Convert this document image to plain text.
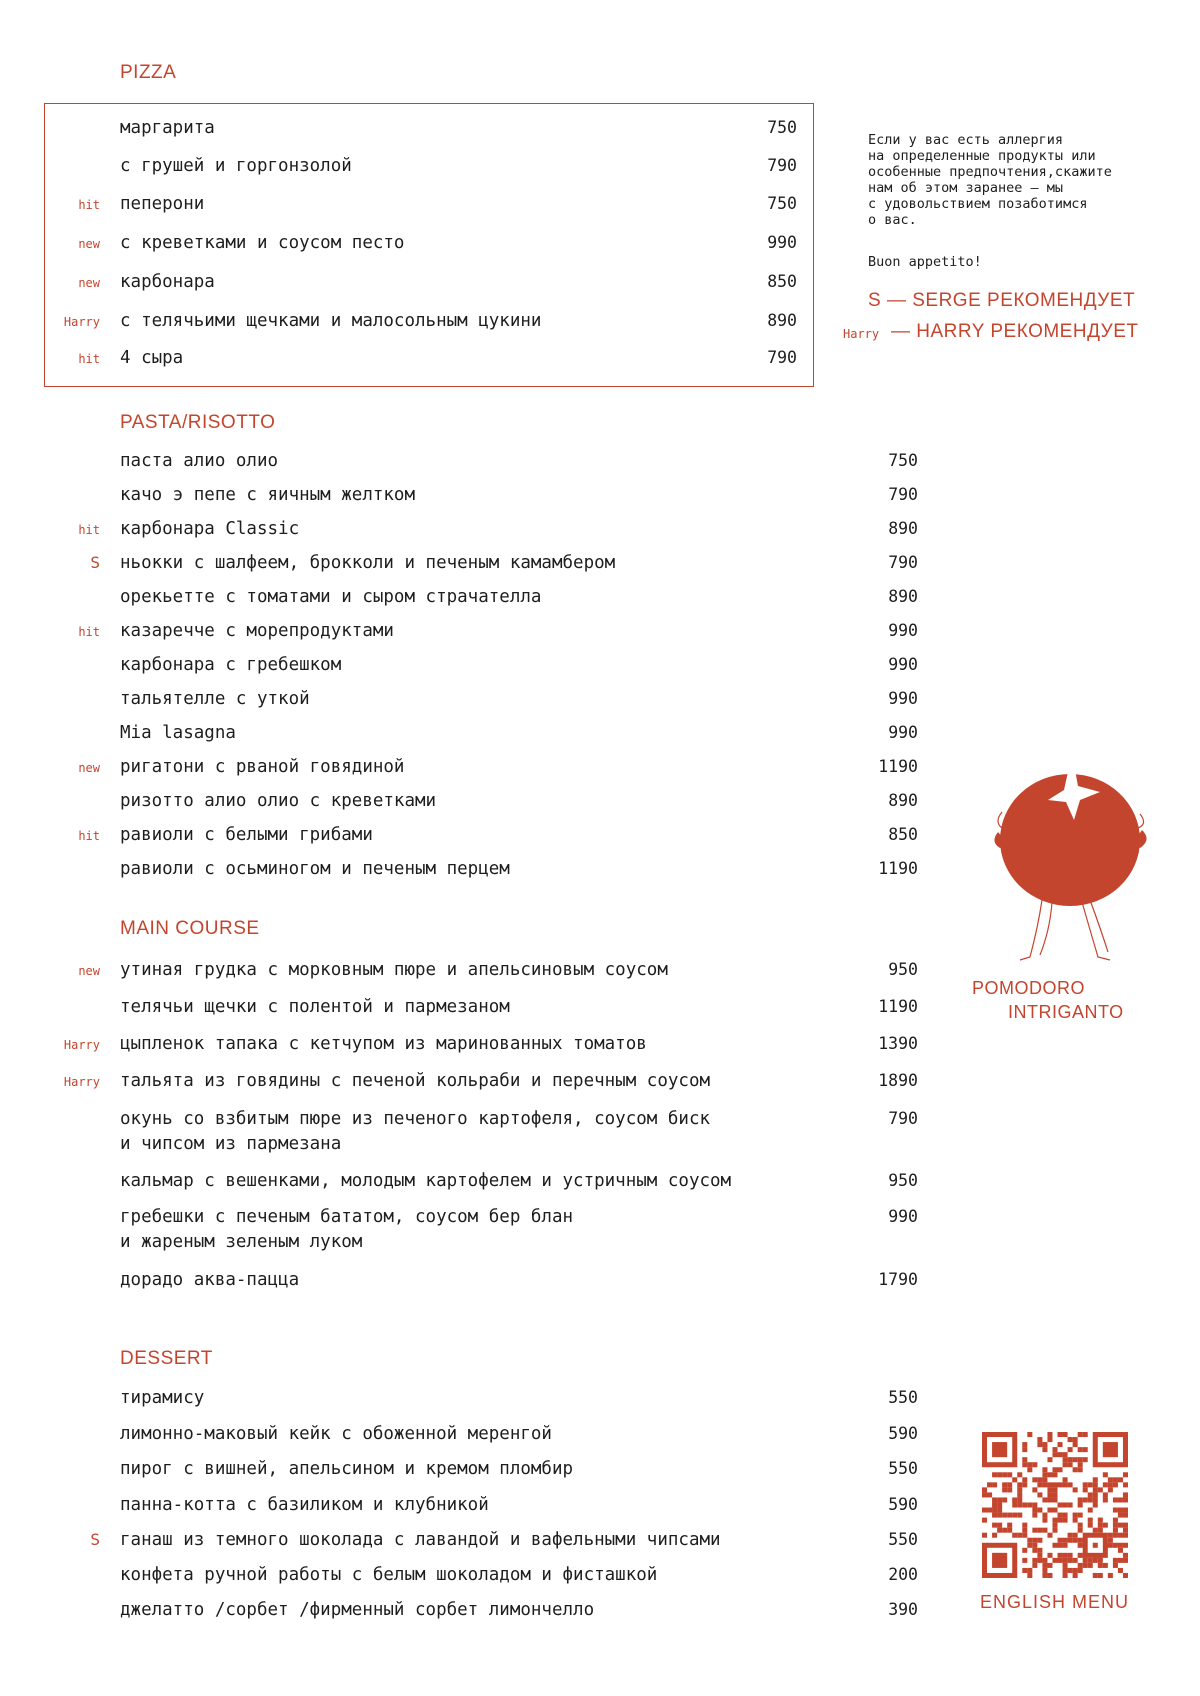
PIZZA
маргарита	750
с грушей и горгонзолой	790
hit пеперони	750
new с креветками и соусом песто	990
new карбонара	850
Harry с телячьими щечками и малосольным цукини	890
hit 4 сыра	790
PASTA/RISOTTO
паста алио олио	750
качо э пепе с яичным желтком	790
hit карбонара Classic	890
S ньокки с шалфеем, брокколи и печеным камамбером	790
орекьетте с томатами и сыром страчателла	890
hit казаречче с морепродуктами	990
карбонара с гребешком	990
тальятелле с уткой	990
Mia lasagna	990
new ригатони с рваной говядиной	1190
ризотто алио олио с креветками	890
hit равиоли с белыми грибами	850
равиоли с осьминогом и печеным перцем	1190
MAIN COURSE
new утиная грудка с морковным пюре и апельсиновым соусом	950
телячьи щечки с полентой и пармезаном	1190
Harry цыпленок тапака с кетчупом из маринованных томатов	1390
Harry тальята из говядины с печеной кольраби и перечным соусом	1890
окунь со взбитым пюре из печеного картофеля, соусом биск
и чипсом из пармезана
790
кальмар с вешенками, молодым картофелем и устричным соусом	950
гребешки с печеным бататом, соусом бер блан
и жареным зеленым луком
990
дорадо аква-пацца	1790
DESSERT
тирамису	550
лимонно-маковый кейк с обоженной меренгой	590
пирог с вишней, апельсином и кремом пломбир	550
панна-котта с базиликом и клубникой	590
S ганаш из темного шоколада с лавандой и вафельными чипсами	550
конфета ручной работы с белым шоколадом и фисташкой	200
джелатто /сорбет /фирменный сорбет лимончелло	390

Если у вас есть аллергия
на определенные продукты или
особенные предпочтения,скажите
нам об этом заранее — мы
с удовольствием позаботимся
о вас.

Buon appetito!
S — SERGE РЕКОМЕНДУЕТ
Harry — HARRY РЕКОМЕНДУЕТ
POMODORO
INTRIGANTO
ENGLISH MENU
